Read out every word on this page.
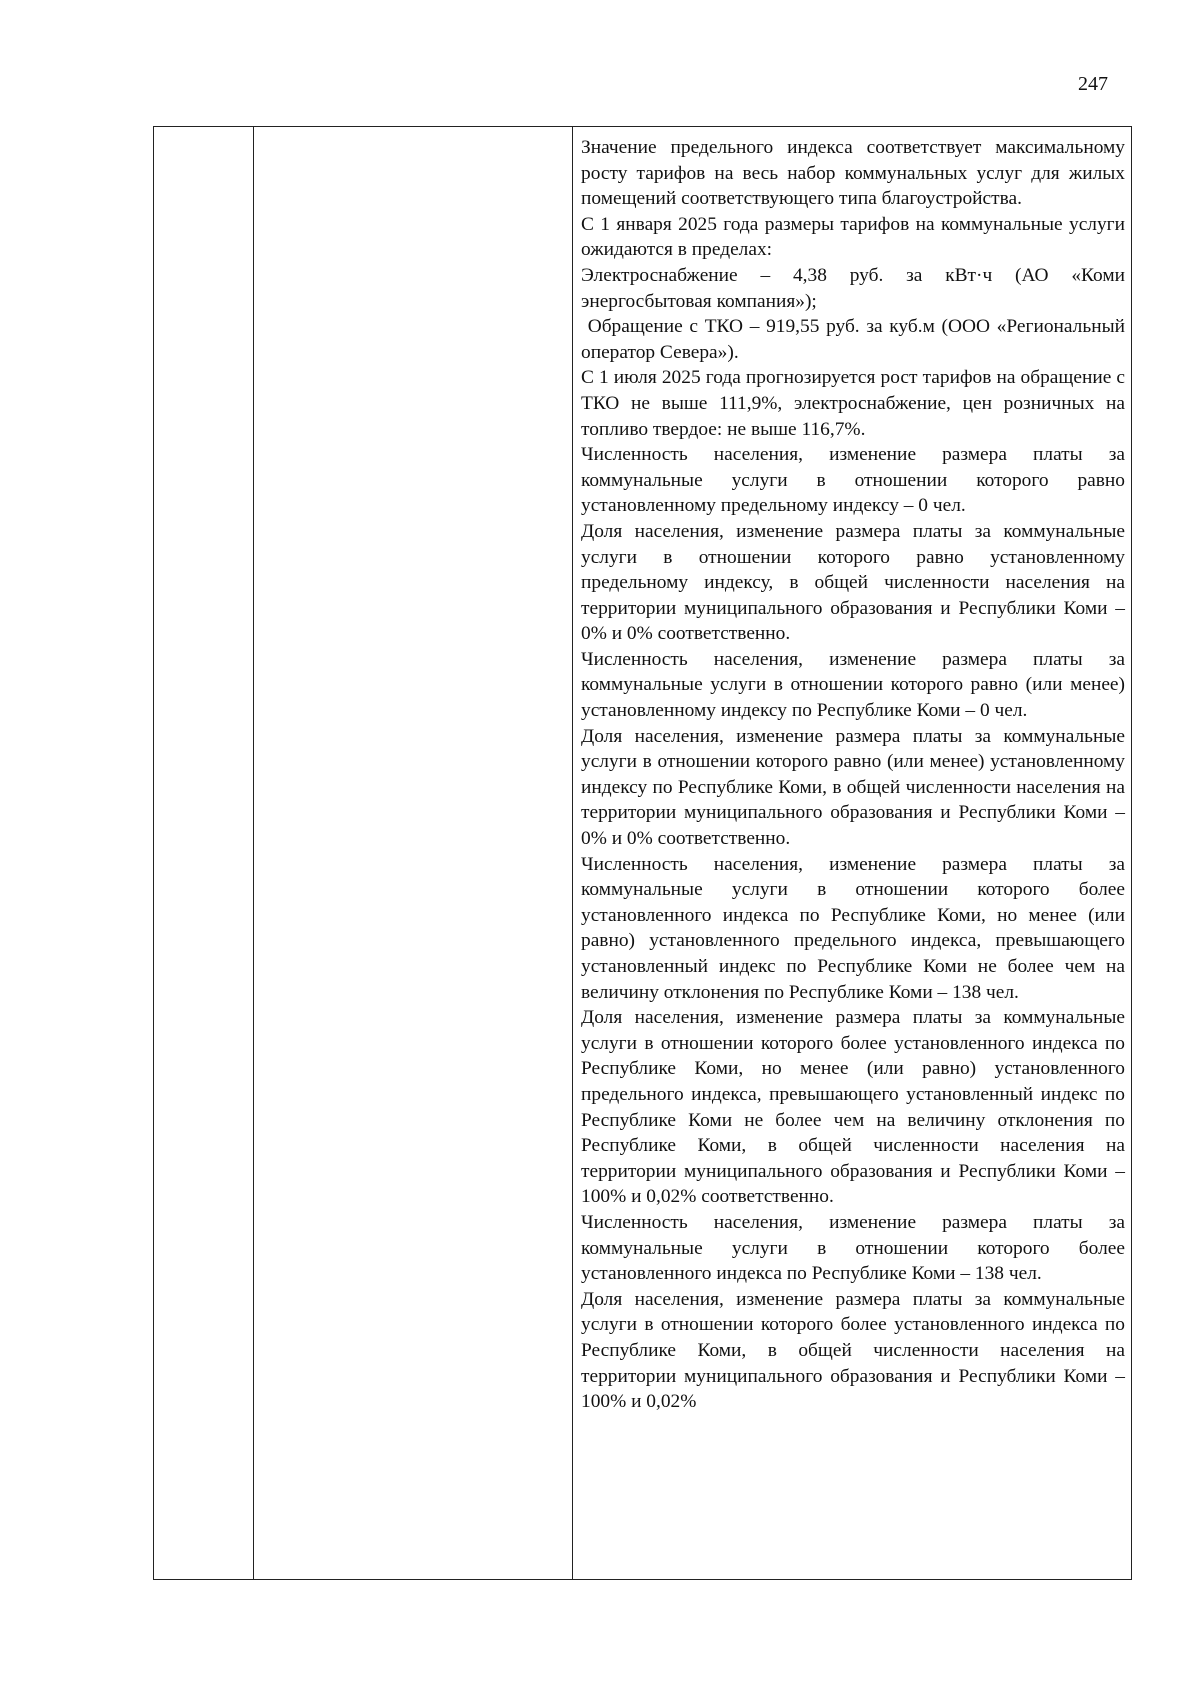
247

Значение предельного индекса соответствует максимальному росту тарифов на весь набор коммунальных услуг для жилых помещений соответствующего типа благоустройства.

С 1 января 2025 года размеры тарифов на коммунальные услуги ожидаются в пределах:

Электроснабжение – 4,38 руб. за кВт·ч (АО «Коми энергосбытовая компания»);

Обращение с ТКО – 919,55 руб. за куб.м (ООО «Региональный оператор Севера»).

С 1 июля 2025 года прогнозируется рост тарифов на обращение с ТКО не выше 111,9%, электроснабжение, цен розничных на топливо твердое: не выше 116,7%.

Численность населения, изменение размера платы за коммунальные услуги в отношении которого равно установленному предельному индексу – 0 чел.

Доля населения, изменение размера платы за коммунальные услуги в отношении которого равно установленному предельному индексу, в общей численности населения на территории муниципального образования и Республики Коми – 0% и 0% соответственно.

Численность населения, изменение размера платы за коммунальные услуги в отношении которого равно (или менее) установленному индексу по Республике Коми – 0 чел.

Доля населения, изменение размера платы за коммунальные услуги в отношении которого равно (или менее) установленному индексу по Республике Коми, в общей численности населения на территории муниципального образования и Республики Коми – 0% и 0% соответственно.

Численность населения, изменение размера платы за коммунальные услуги в отношении которого более установленного индекса по Республике Коми, но менее (или равно) установленного предельного индекса, превышающего установленный индекс по Республике Коми не более чем на величину отклонения по Республике Коми – 138 чел.

Доля населения, изменение размера платы за коммунальные услуги в отношении которого более установленного индекса по Республике Коми, но менее (или равно) установленного предельного индекса, превышающего установленный индекс по Республике Коми не более чем на величину отклонения по Республике Коми, в общей численности населения на территории муниципального образования и Республики Коми – 100% и 0,02% соответственно.

Численность населения, изменение размера платы за коммунальные услуги в отношении которого более установленного индекса по Республике Коми – 138 чел.

Доля населения, изменение размера платы за коммунальные услуги в отношении которого более установленного индекса по Республике Коми, в общей численности населения на территории муниципального образования и Республики Коми – 100% и 0,02%
